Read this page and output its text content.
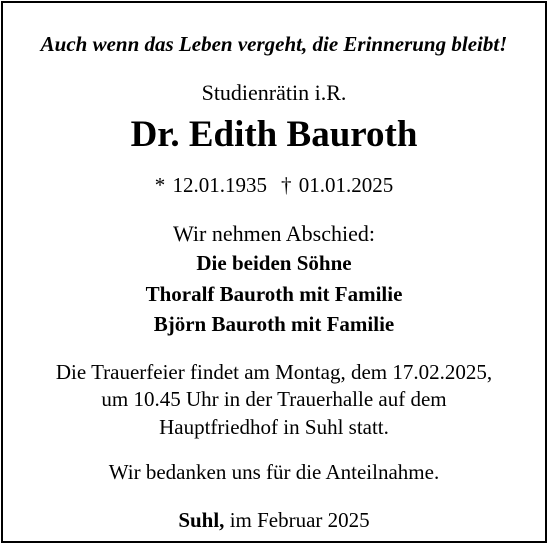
Auch wenn das Leben vergeht, die Erinnerung bleibt!
Studienrätin i.R.
Dr. Edith Bauroth
* 12.01.1935 † 01.01.2025
Wir nehmen Abschied:
Die beiden Söhne
Thoralf Bauroth mit Familie
Björn Bauroth mit Familie
Die Trauerfeier findet am Montag, dem 17.02.2025,
um 10.45 Uhr in der Trauerhalle auf dem
Hauptfriedhof in Suhl statt.
Wir bedanken uns für die Anteilnahme.
Suhl, im Februar 2025
